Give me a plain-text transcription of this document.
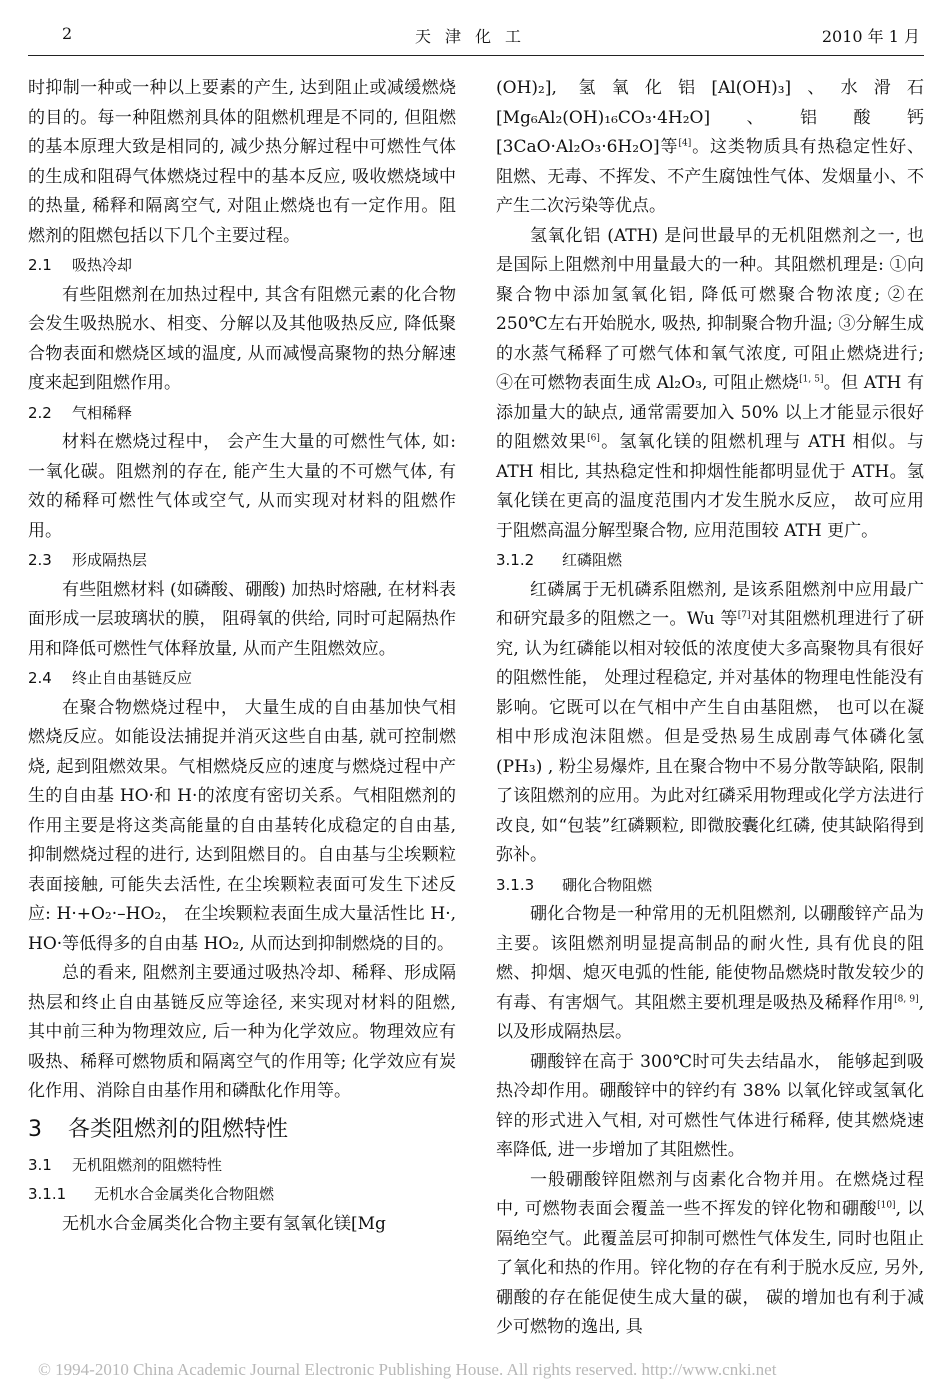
2	天津化工	2010 年 1 月

时抑制一种或一种以上要素的产生, 达到阻止或减缓燃烧的目的。每一种阻燃剂具体的阻燃机理是不同的, 但阻燃的基本原理大致是相同的, 减少热分解过程中可燃性气体的生成和阻碍气体燃烧过程中的基本反应, 吸收燃烧域中的热量, 稀释和隔离空气, 对阻止燃烧也有一定作用。阻燃剂的阻燃包括以下几个主要过程。

2.1 吸热冷却

有些阻燃剂在加热过程中, 其含有阻燃元素的化合物会发生吸热脱水、相变、分解以及其他吸热反应, 降低聚合物表面和燃烧区域的温度, 从而减慢高聚物的热分解速度来起到阻燃作用。

2.2 气相稀释

材料在燃烧过程中， 会产生大量的可燃性气体, 如: 一氧化碳。阻燃剂的存在, 能产生大量的不可燃气体, 有效的稀释可燃性气体或空气, 从而实现对材料的阻燃作用。

2.3 形成隔热层

有些阻燃材料 (如磷酸、硼酸) 加热时熔融, 在材料表面形成一层玻璃状的膜， 阻碍氧的供给, 同时可起隔热作用和降低可燃性气体释放量, 从而产生阻燃效应。

2.4 终止自由基链反应

在聚合物燃烧过程中， 大量生成的自由基加快气相燃烧反应。如能设法捕捉并消灭这些自由基, 就可控制燃烧, 起到阻燃效果。气相燃烧反应的速度与燃烧过程中产生的自由基 HO·和 H·的浓度有密切关系。气相阻燃剂的作用主要是将这类高能量的自由基转化成稳定的自由基, 抑制燃烧过程的进行, 达到阻燃目的。自由基与尘埃颗粒表面接触, 可能失去活性, 在尘埃颗粒表面可发生下述反应: H·+O₂·–HO₂， 在尘埃颗粒表面生成大量活性比 H·, HO·等低得多的自由基 HO₂, 从而达到抑制燃烧的目的。

总的看来, 阻燃剂主要通过吸热冷却、稀释、形成隔热层和终止自由基链反应等途径, 来实现对材料的阻燃, 其中前三种为物理效应, 后一种为化学效应。物理效应有吸热、稀释可燃物质和隔离空气的作用等; 化学效应有炭化作用、消除自由基作用和磷酞化作用等。

3 各类阻燃剂的阻燃特性
3.1 无机阻燃剂的阻燃特性
3.1.1 无机水合金属类化合物阻燃

无机水合金属类化合物主要有氢氧化镁[Mg

(OH)₂], 氢氧化铝[Al(OH)₃]、水滑石[Mg₆Al₂(OH)₁₆CO₃·4H₂O]、铝酸钙[3CaO·Al₂O₃·6H₂O]等[4]。这类物质具有热稳定性好、阻燃、无毒、不挥发、不产生腐蚀性气体、发烟量小、不产生二次污染等优点。

氢氧化铝 (ATH) 是问世最早的无机阻燃剂之一, 也是国际上阻燃剂中用量最大的一种。其阻燃机理是: ①向聚合物中添加氢氧化铝, 降低可燃聚合物浓度; ②在 250℃左右开始脱水, 吸热, 抑制聚合物升温; ③分解生成的水蒸气稀释了可燃气体和氧气浓度, 可阻止燃烧进行; ④在可燃物表面生成 Al₂O₃, 可阻止燃烧[1, 5]。但 ATH 有添加量大的缺点, 通常需要加入 50% 以上才能显示很好的阻燃效果[6]。氢氧化镁的阻燃机理与 ATH 相似。与 ATH 相比, 其热稳定性和抑烟性能都明显优于 ATH。氢氧化镁在更高的温度范围内才发生脱水反应， 故可应用于阻燃高温分解型聚合物, 应用范围较 ATH 更广。

3.1.2 红磷阻燃

红磷属于无机磷系阻燃剂, 是该系阻燃剂中应用最广和研究最多的阻燃之一。Wu 等[7]对其阻燃机理进行了研究, 认为红磷能以相对较低的浓度使大多高聚物具有很好的阻燃性能， 处理过程稳定, 并对基体的物理电性能没有影响。它既可以在气相中产生自由基阻燃， 也可以在凝相中形成泡沫阻燃。但是受热易生成剧毒气体磷化氢 (PH₃) , 粉尘易爆炸, 且在聚合物中不易分散等缺陷, 限制了该阻燃剂的应用。为此对红磷采用物理或化学方法进行改良, 如“包装”红磷颗粒, 即微胶囊化红磷, 使其缺陷得到弥补。

3.1.3 硼化合物阻燃

硼化合物是一种常用的无机阻燃剂, 以硼酸锌产品为主要。该阻燃剂明显提高制品的耐火性, 具有优良的阻燃、抑烟、熄灭电弧的性能, 能使物品燃烧时散发较少的有毒、有害烟气。其阻燃主要机理是吸热及稀释作用[8, 9], 以及形成隔热层。

硼酸锌在高于 300℃时可失去结晶水， 能够起到吸热冷却作用。硼酸锌中的锌约有 38% 以氧化锌或氢氧化锌的形式进入气相, 对可燃性气体进行稀释, 使其燃烧速率降低, 进一步增加了其阻燃性。

一般硼酸锌阻燃剂与卤素化合物并用。在燃烧过程中, 可燃物表面会覆盖一些不挥发的锌化物和硼酸[10], 以隔绝空气。此覆盖层可抑制可燃性气体发生, 同时也阻止了氧化和热的作用。锌化物的存在有利于脱水反应, 另外, 硼酸的存在能促使生成大量的碳， 碳的增加也有利于减少可燃物的逸出, 具

© 1994-2010 China Academic Journal Electronic Publishing House. All rights reserved. http://www.cnki.net
